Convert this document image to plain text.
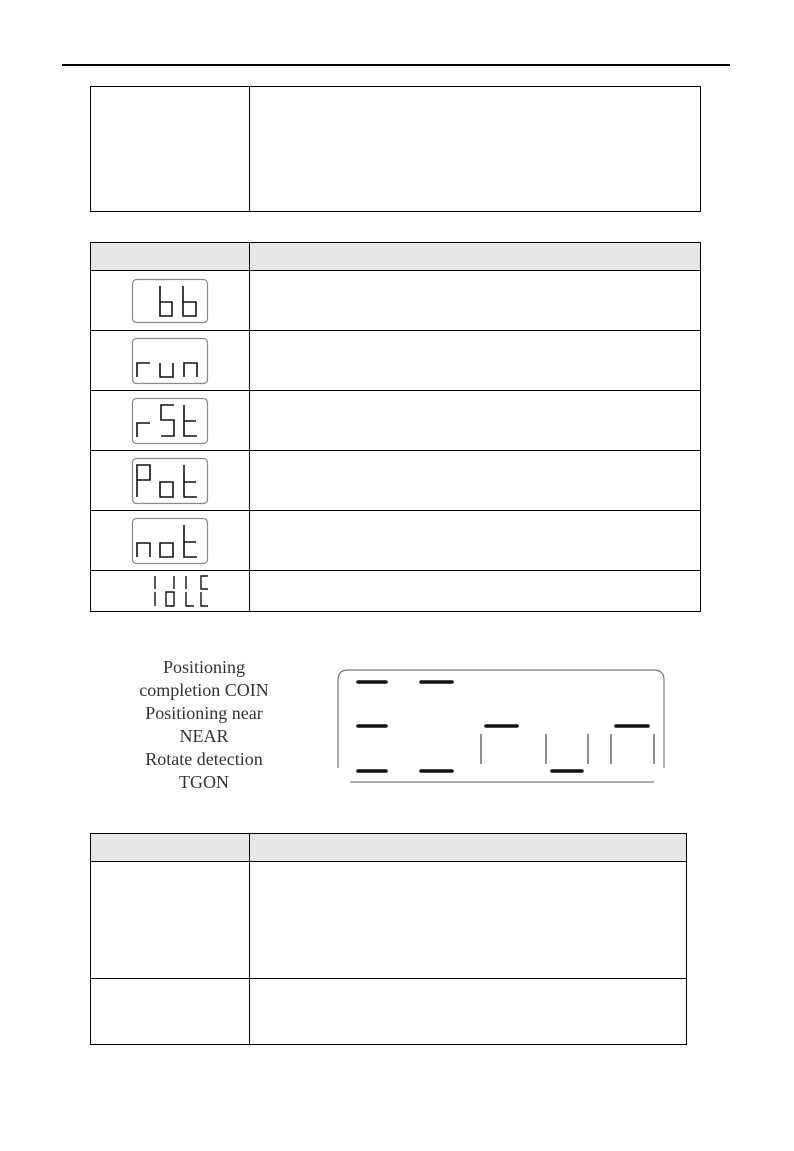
Positioning
completion COIN
Positioning near
NEAR
Rotate detection
TGON
